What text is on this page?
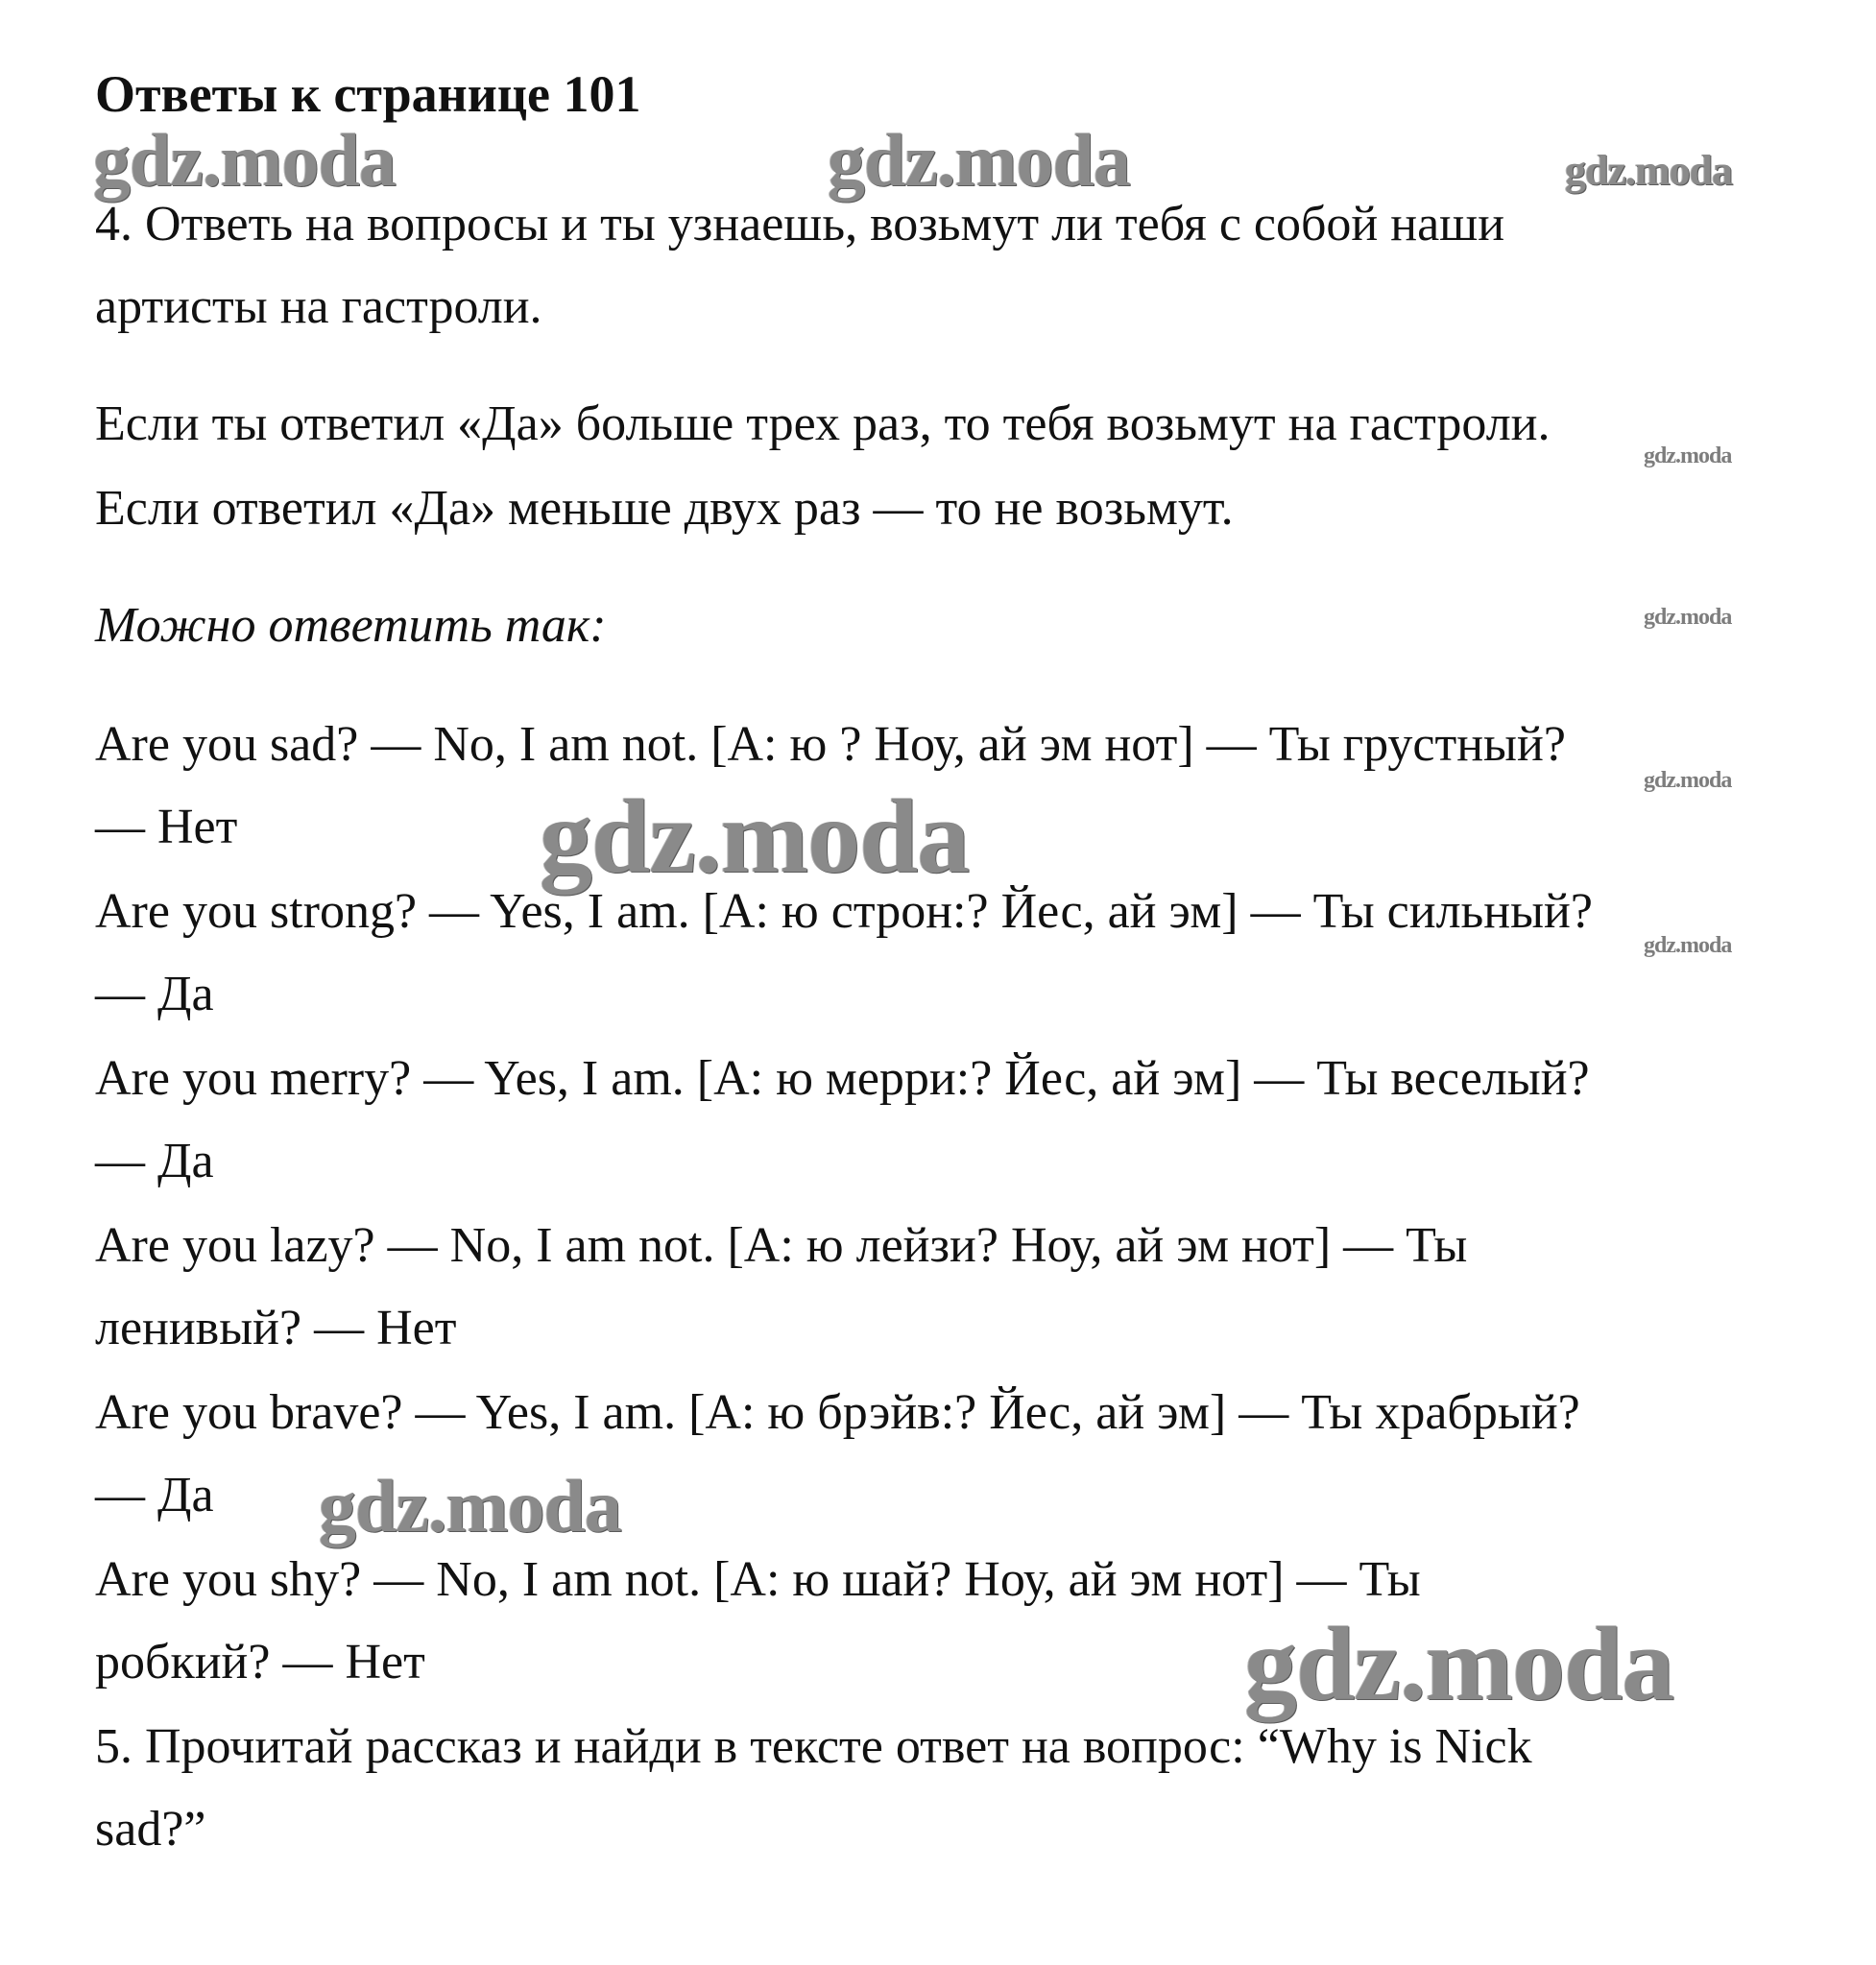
Ответы к странице 101
gdz.moda	gdz.moda	gdz.moda
4. Ответь на вопросы и ты узнаешь, возьмут ли тебя с собой наши
артисты на гастроли.
Если ты ответил «Да» больше трех раз, то тебя возьмут на гастроли.
gdz.moda
Если ответил «Да» меньше двух раз — то не возьмут.
Можно ответить так:	gdz.moda
Are you sad? — No, I am not. [А: ю ? Ноу, ай эм нот] — Ты грустный?
gdz.moda
— Нет	gdz.moda
Are you strong? — Yes, I am. [А: ю строн:? Йес, ай эм] — Ты сильный?
gdz.moda
— Да
Are you merry? — Yes, I am. [А: ю мерри:? Йес, ай эм] — Ты веселый?
— Да
Are you lazy? — No, I am not. [А: ю лейзи? Ноу, ай эм нот] — Ты
ленивый? — Нет
Are you brave? — Yes, I am. [А: ю брэйв:? Йес, ай эм] — Ты храбрый?
— Да gdz.moda
Are you shy? — No, I am not. [А: ю шай? Ноу, ай эм нот] — Ты
робкий? — Нет	gdz.moda
5. Прочитай рассказ и найди в тексте ответ на вопрос: “Why is Nick
sad?”
